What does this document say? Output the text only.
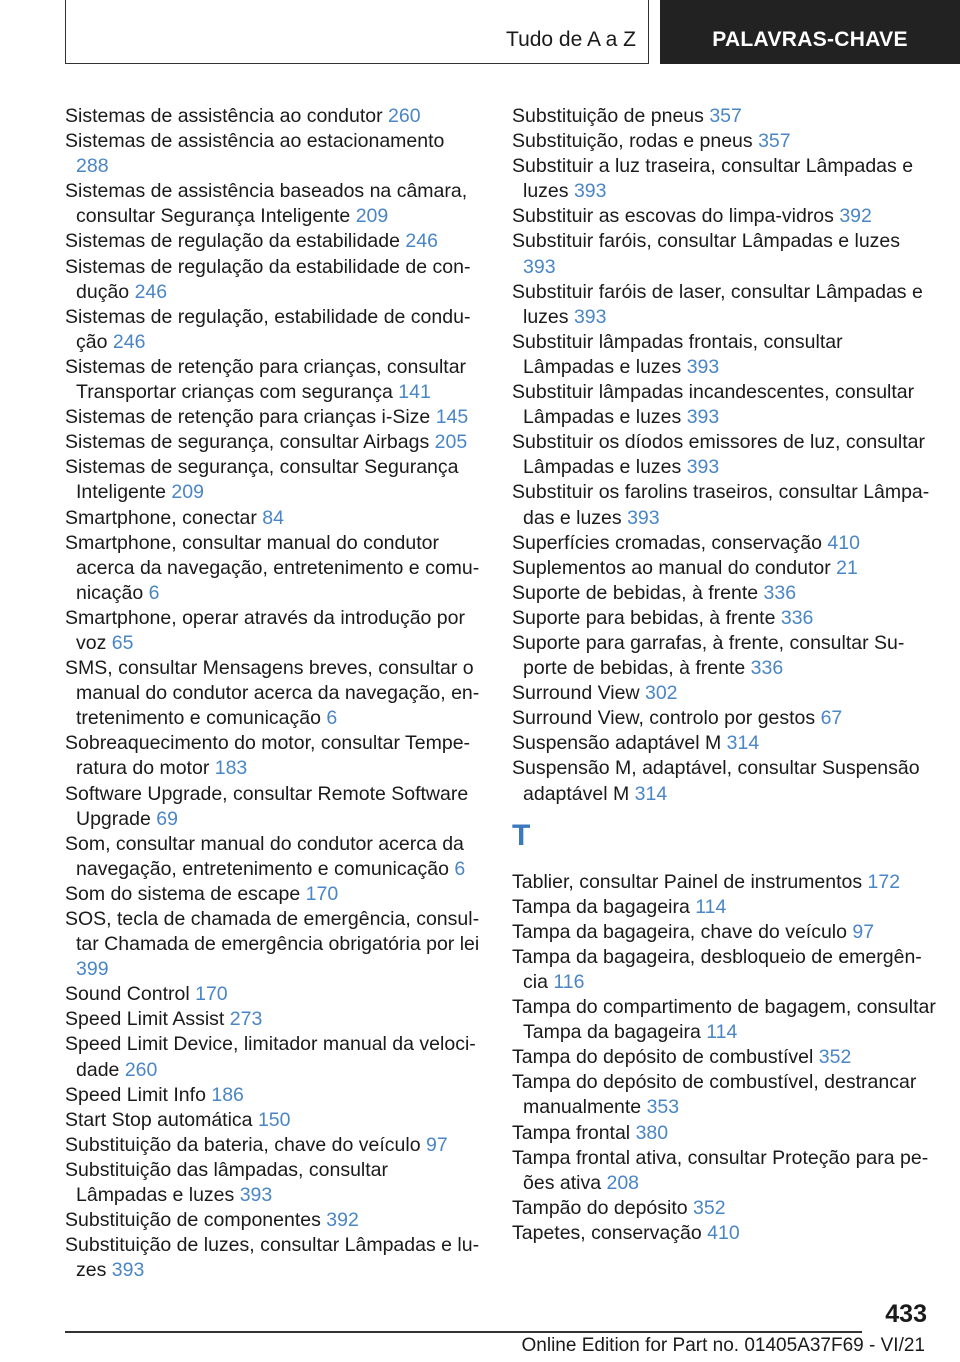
Tudo de A a Z	PALAVRAS-CHAVE
Sistemas de assistência ao condutor 260
Sistemas de assistência ao estacionamento 288
Sistemas de assistência baseados na câmara, consultar Segurança Inteligente 209
Sistemas de regulação da estabilidade 246
Sistemas de regulação da estabilidade de condução 246
Sistemas de regulação, estabilidade de condução 246
Sistemas de retenção para crianças, consultar Transportar crianças com segurança 141
Sistemas de retenção para crianças i-Size 145
Sistemas de segurança, consultar Airbags 205
Sistemas de segurança, consultar Segurança Inteligente 209
Smartphone, conectar 84
Smartphone, consultar manual do condutor acerca da navegação, entretenimento e comunicação 6
Smartphone, operar através da introdução por voz 65
SMS, consultar Mensagens breves, consultar o manual do condutor acerca da navegação, entretenimento e comunicação 6
Sobreaquecimento do motor, consultar Temperatura do motor 183
Software Upgrade, consultar Remote Software Upgrade 69
Som, consultar manual do condutor acerca da navegação, entretenimento e comunicação 6
Som do sistema de escape 170
SOS, tecla de chamada de emergência, consultar Chamada de emergência obrigatória por lei 399
Sound Control 170
Speed Limit Assist 273
Speed Limit Device, limitador manual da velocidade 260
Speed Limit Info 186
Start Stop automática 150
Substituição da bateria, chave do veículo 97
Substituição das lâmpadas, consultar Lâmpadas e luzes 393
Substituição de componentes 392
Substituição de luzes, consultar Lâmpadas e luzes 393
Substituição de pneus 357
Substituição, rodas e pneus 357
Substituir a luz traseira, consultar Lâmpadas e luzes 393
Substituir as escovas do limpa-vidros 392
Substituir faróis, consultar Lâmpadas e luzes 393
Substituir faróis de laser, consultar Lâmpadas e luzes 393
Substituir lâmpadas frontais, consultar Lâmpadas e luzes 393
Substituir lâmpadas incandescentes, consultar Lâmpadas e luzes 393
Substituir os díodos emissores de luz, consultar Lâmpadas e luzes 393
Substituir os farolins traseiros, consultar Lâmpadas e luzes 393
Superfícies cromadas, conservação 410
Suplementos ao manual do condutor 21
Suporte de bebidas, à frente 336
Suporte para bebidas, à frente 336
Suporte para garrafas, à frente, consultar Suporte de bebidas, à frente 336
Surround View 302
Surround View, controlo por gestos 67
Suspensão adaptável M 314
Suspensão M, adaptável, consultar Suspensão adaptável M 314
T
Tablier, consultar Painel de instrumentos 172
Tampa da bagageira 114
Tampa da bagageira, chave do veículo 97
Tampa da bagageira, desbloqueio de emergência 116
Tampa do compartimento de bagagem, consultar Tampa da bagageira 114
Tampa do depósito de combustível 352
Tampa do depósito de combustível, destrancar manualmente 353
Tampa frontal 380
Tampa frontal ativa, consultar Proteção para peões ativa 208
Tampão do depósito 352
Tapetes, conservação 410
433
Online Edition for Part no. 01405A37F69 - VI/21
